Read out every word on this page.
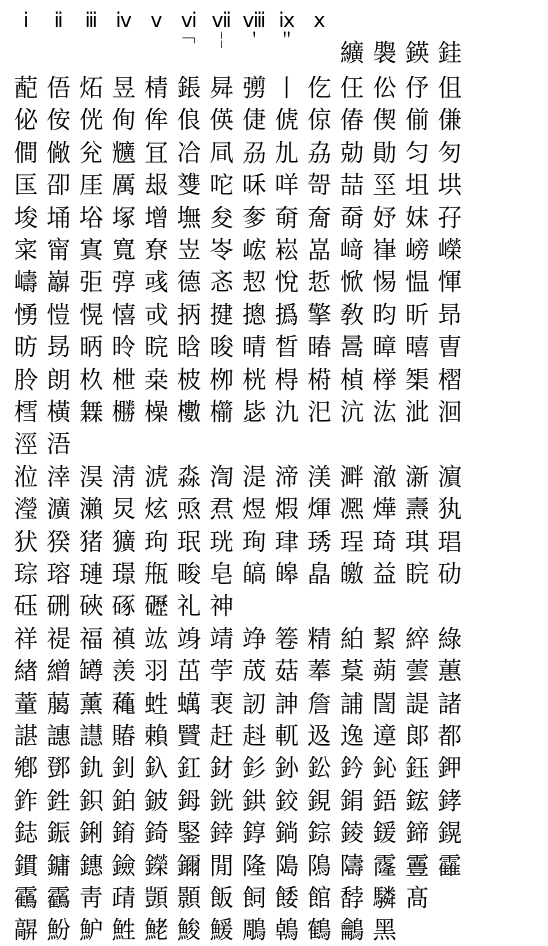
ⅰ	ⅱ	ⅲ ⅳ ⅴ ⅵ ⅶ ⅷ ⅸ ⅹ
￢ ￤ ＇ ＂ 纊 褜 鍈 銈
蓜 俉 炻 昱 棈 鋹 曻 彅 丨 仡 仼 伀 伃 伹
佖 侒 侊 侚 侔 俍 偀 倢 俿 倞 偆 偰 偂 傔
僴 僘 兊 兤 冝 冾 凬 刕 劜 劦 勀 勛 匀 匇
匤 卲 厓 厲 叝 﨎 咜 咊 咩 哿 喆 坙 坥 垬
埈 埇 﨏 塚 增 墲 夋 奓 奛 奝 奣 妤 妺 孖
寀 甯 寘 寬 尞 岦 岺 峵 崧 嵓 﨑 嵂 嵭 嶸
嶹 巐 弡 弴 彧 德 忞 恝 悅 悊 惞 惕 愠 惲
愑 愷 愰 憘 戓 抦 揵 摠 撝 擎 敎 昀 昕 昻
昉 昮 昞 昤 晥 晗 晙 晴 晳 暙 暠 暲 暿 曺
朎 朗 杦 枻 桒 柀 栁 桄 棏 﨓 楨 﨔 榘 槢
樰 橫 橆 橳 橾 櫢 櫤 毖 氿 汜 沆 汯 泚 洄
涇 浯
涖 涬 淏 淸 淲 淼 渹 湜 渧 渼 溿 澈 澵 濵
瀅 瀇 瀨 炅 炫 焏 焄 煜 煆 煇 凞 燁 燾 犱
犾 猤 猪 獷 玽 珉 珖 珣 珒 琇 珵 琦 琪 琩
琮 瑢 璉 璟 甁 畯 皂 皜 皞 皛 皦 益 睆 劯
砡 硎 硤 硺 礰 礼 神
祥 禔 福 禛 竑 竧 靖 竫 箞 精 絈 絜 綷 綠
緖 繒 罇 羡 羽 茁 荢 荿 菇 菶 葈 蒴 蕓 蕙
蕫 﨟 薰 蘒 﨡 蠇 裵 訒 訷 詹 誧 誾 諟 諸
諶 譓 譿 賰 賴 贒 赶 﨣 軏 﨤 逸 遧 郞 都
鄕 鄧 釚 釗 釞 釭 釮 釤 釥 鈆 鈐 鈊 鈺 鉀
鈼 鉎 鉙 鉑 鈹 鉧 銧 鉷 鉸 鋧 鋗 鋙 鋐 﨧
鋕 鋠 鋓 錥 錡 鋻 﨨 錞 鋿 錝 錂 鍰 鍗 鎤
鏆 鏞 鏸 鐱 鑅 鑈 閒 隆 﨩 隝 隯 霳 霻 靃
靍 靏 靑 靕 顗 顥 飯 飼 餧 館 馞 驎 髙
髜 魵 魲 鮏 鮱 鮻 鰀 鵰 鵫 鶴 鸙 黑
